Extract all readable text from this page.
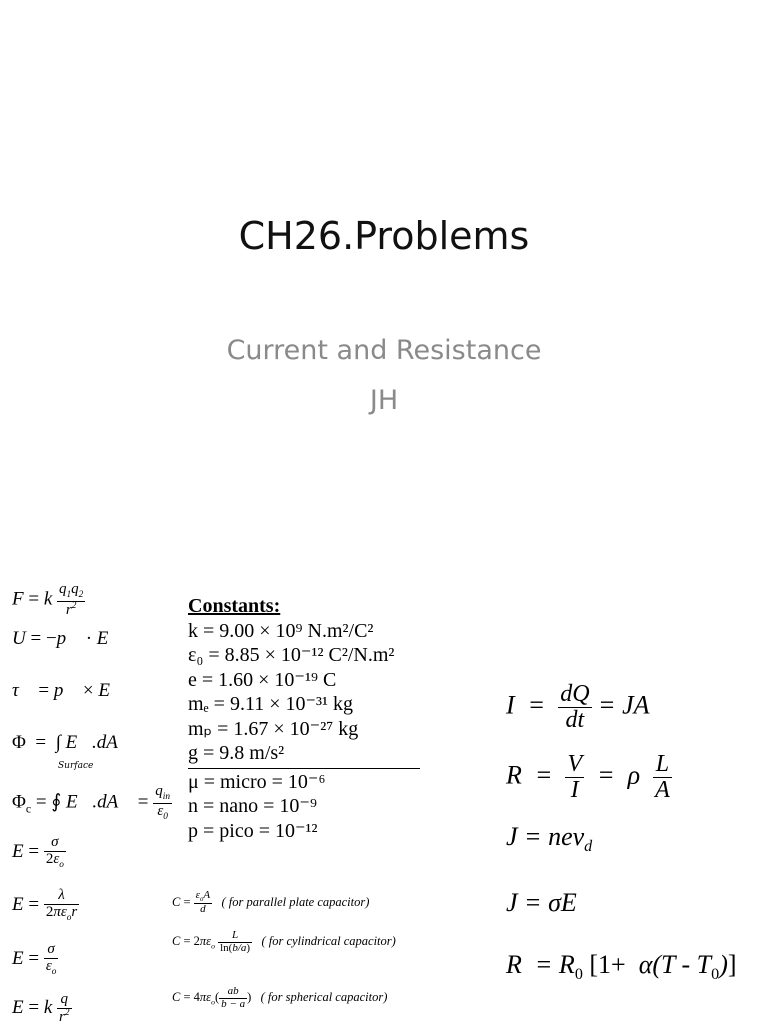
CH26.Problems
Current and Resistance
JH
F = k $\frac{q_1q_2}{r^2}$
U = −p⃗ · E⃗
τ⃗ = p⃗ × E⃗
Φ  =  ∫ E⃗.dA⃗
Surface
$\Phi_c$ = ∮ E⃗.dA⃗ = $\frac{q_{in}}{\varepsilon_0}$
$E = \frac{\sigma}{2\varepsilon_o}$
$E = \frac{\lambda}{2\pi\varepsilon_or}$
$E = \frac{\sigma}{\varepsilon_o}$
E = k $\frac{q}{r^2}$
Constants:
k = 9.00 × 10⁹ N.m²/C²
ε₀ = 8.85 × 10⁻¹² C²/N.m²
e = 1.60 × 10⁻¹⁹ C
mₑ = 9.11 × 10⁻³¹ kg
mₚ = 1.67 × 10⁻²⁷ kg
g = 9.8 m/s²
μ = micro = 10⁻⁶
n = nano = 10⁻⁹
p = pico = 10⁻¹²
$C = \frac{\varepsilon_oA}{d}$ ( for parallel plate capacitor)
$C = 2\pi\varepsilon_o \frac{L}{\ln(b/a)}$ ( for cylindrical capacitor)
$C = 4\pi\varepsilon_o( \frac{ab}{b - a}$ )   ( for spherical capacitor)
$I = \frac{dQ}{dt}$ = JA
$R = \frac{V}{I} = \rho \frac{L}{A}$
J = nev$_d$
J = σE
$R = R_0$ $[1+ \alpha(T - T_0)]$
